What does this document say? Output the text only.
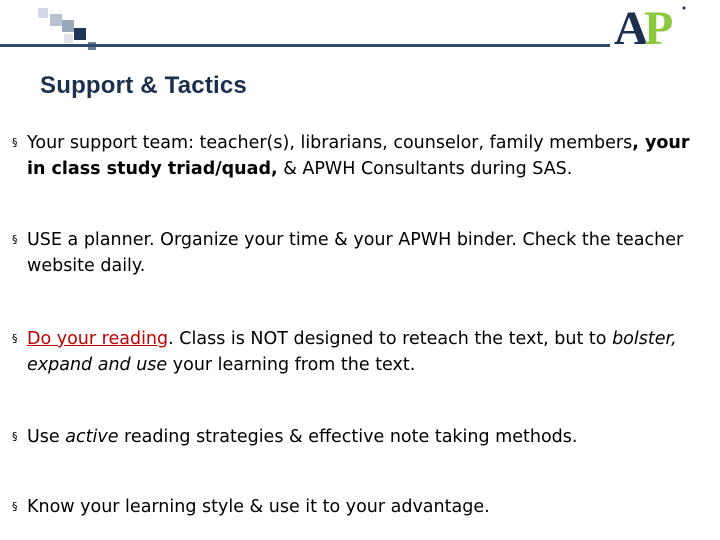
A
P
Support & Tactics
§ Your support team: teacher(s), librarians, counselor, family members, your in class study triad/quad, & APWH Consultants during SAS.
§ USE a planner. Organize your time & your APWH binder. Check the teacher website daily.
§ Do your reading. Class is NOT designed to reteach the text, but to bolster, expand and use your learning from the text.
§ Use active reading strategies & effective note taking methods.
§ Know your learning style & use it to your advantage.
